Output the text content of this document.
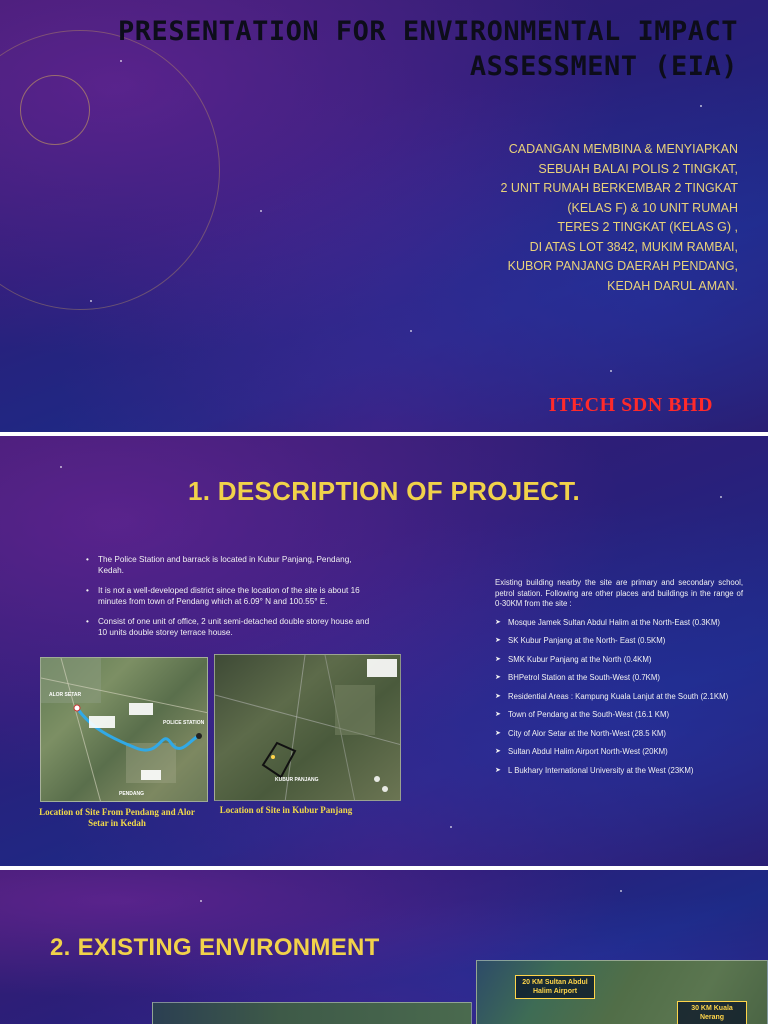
PRESENTATION FOR ENVIRONMENTAL IMPACT ASSESSMENT (EIA)
CADANGAN MEMBINA & MENYIAPKAN
SEBUAH BALAI POLIS 2 TINGKAT,
2 UNIT RUMAH BERKEMBAR 2 TINGKAT
(KELAS F) & 10 UNIT RUMAH
TERES 2 TINGKAT (KELAS G) ,
DI ATAS LOT 3842, MUKIM RAMBAI,
KUBOR PANJANG DAERAH PENDANG,
KEDAH DARUL AMAN.
ITECH SDN BHD
1. DESCRIPTION OF PROJECT.
• The Police Station and barrack is located in Kubur Panjang, Pendang, Kedah.
• It is not a well-developed district since the location of the site is about 16 minutes from town of Pendang which at 6.09° N and 100.55° E.
• Consist of one unit of office, 2 unit semi-detached double storey house and 10 units double storey terrace house.
ALOR SETAR
POLICE STATION
PENDANG
KUBUR PANJANG
Location of Site From Pendang and Alor Setar in Kedah
Location of Site in Kubur Panjang

Existing building nearby the site are primary and secondary school, petrol station. Following are other places and buildings in the range of 0-30KM from the site :

➤ Mosque Jamek Sultan Abdul Halim at the North-East (0.3KM)
➤ SK Kubur Panjang at the North- East (0.5KM)
➤ SMK Kubur Panjang at the North (0.4KM)
➤ BHPetrol Station at the South-West (0.7KM)
➤ Residential Areas : Kampung Kuala Lanjut at the South (2.1KM)
➤ Town of Pendang at the South-West (16.1 KM)
➤ City of Alor Setar at the North-West (28.5 KM)
➤ Sultan Abdul Halim Airport North-West (20KM)
➤ L Bukhary International University at the West (23KM)
2. EXISTING ENVIRONMENT
20 KM Sultan Abdul Halim Airport
30 KM Kuala Nerang
